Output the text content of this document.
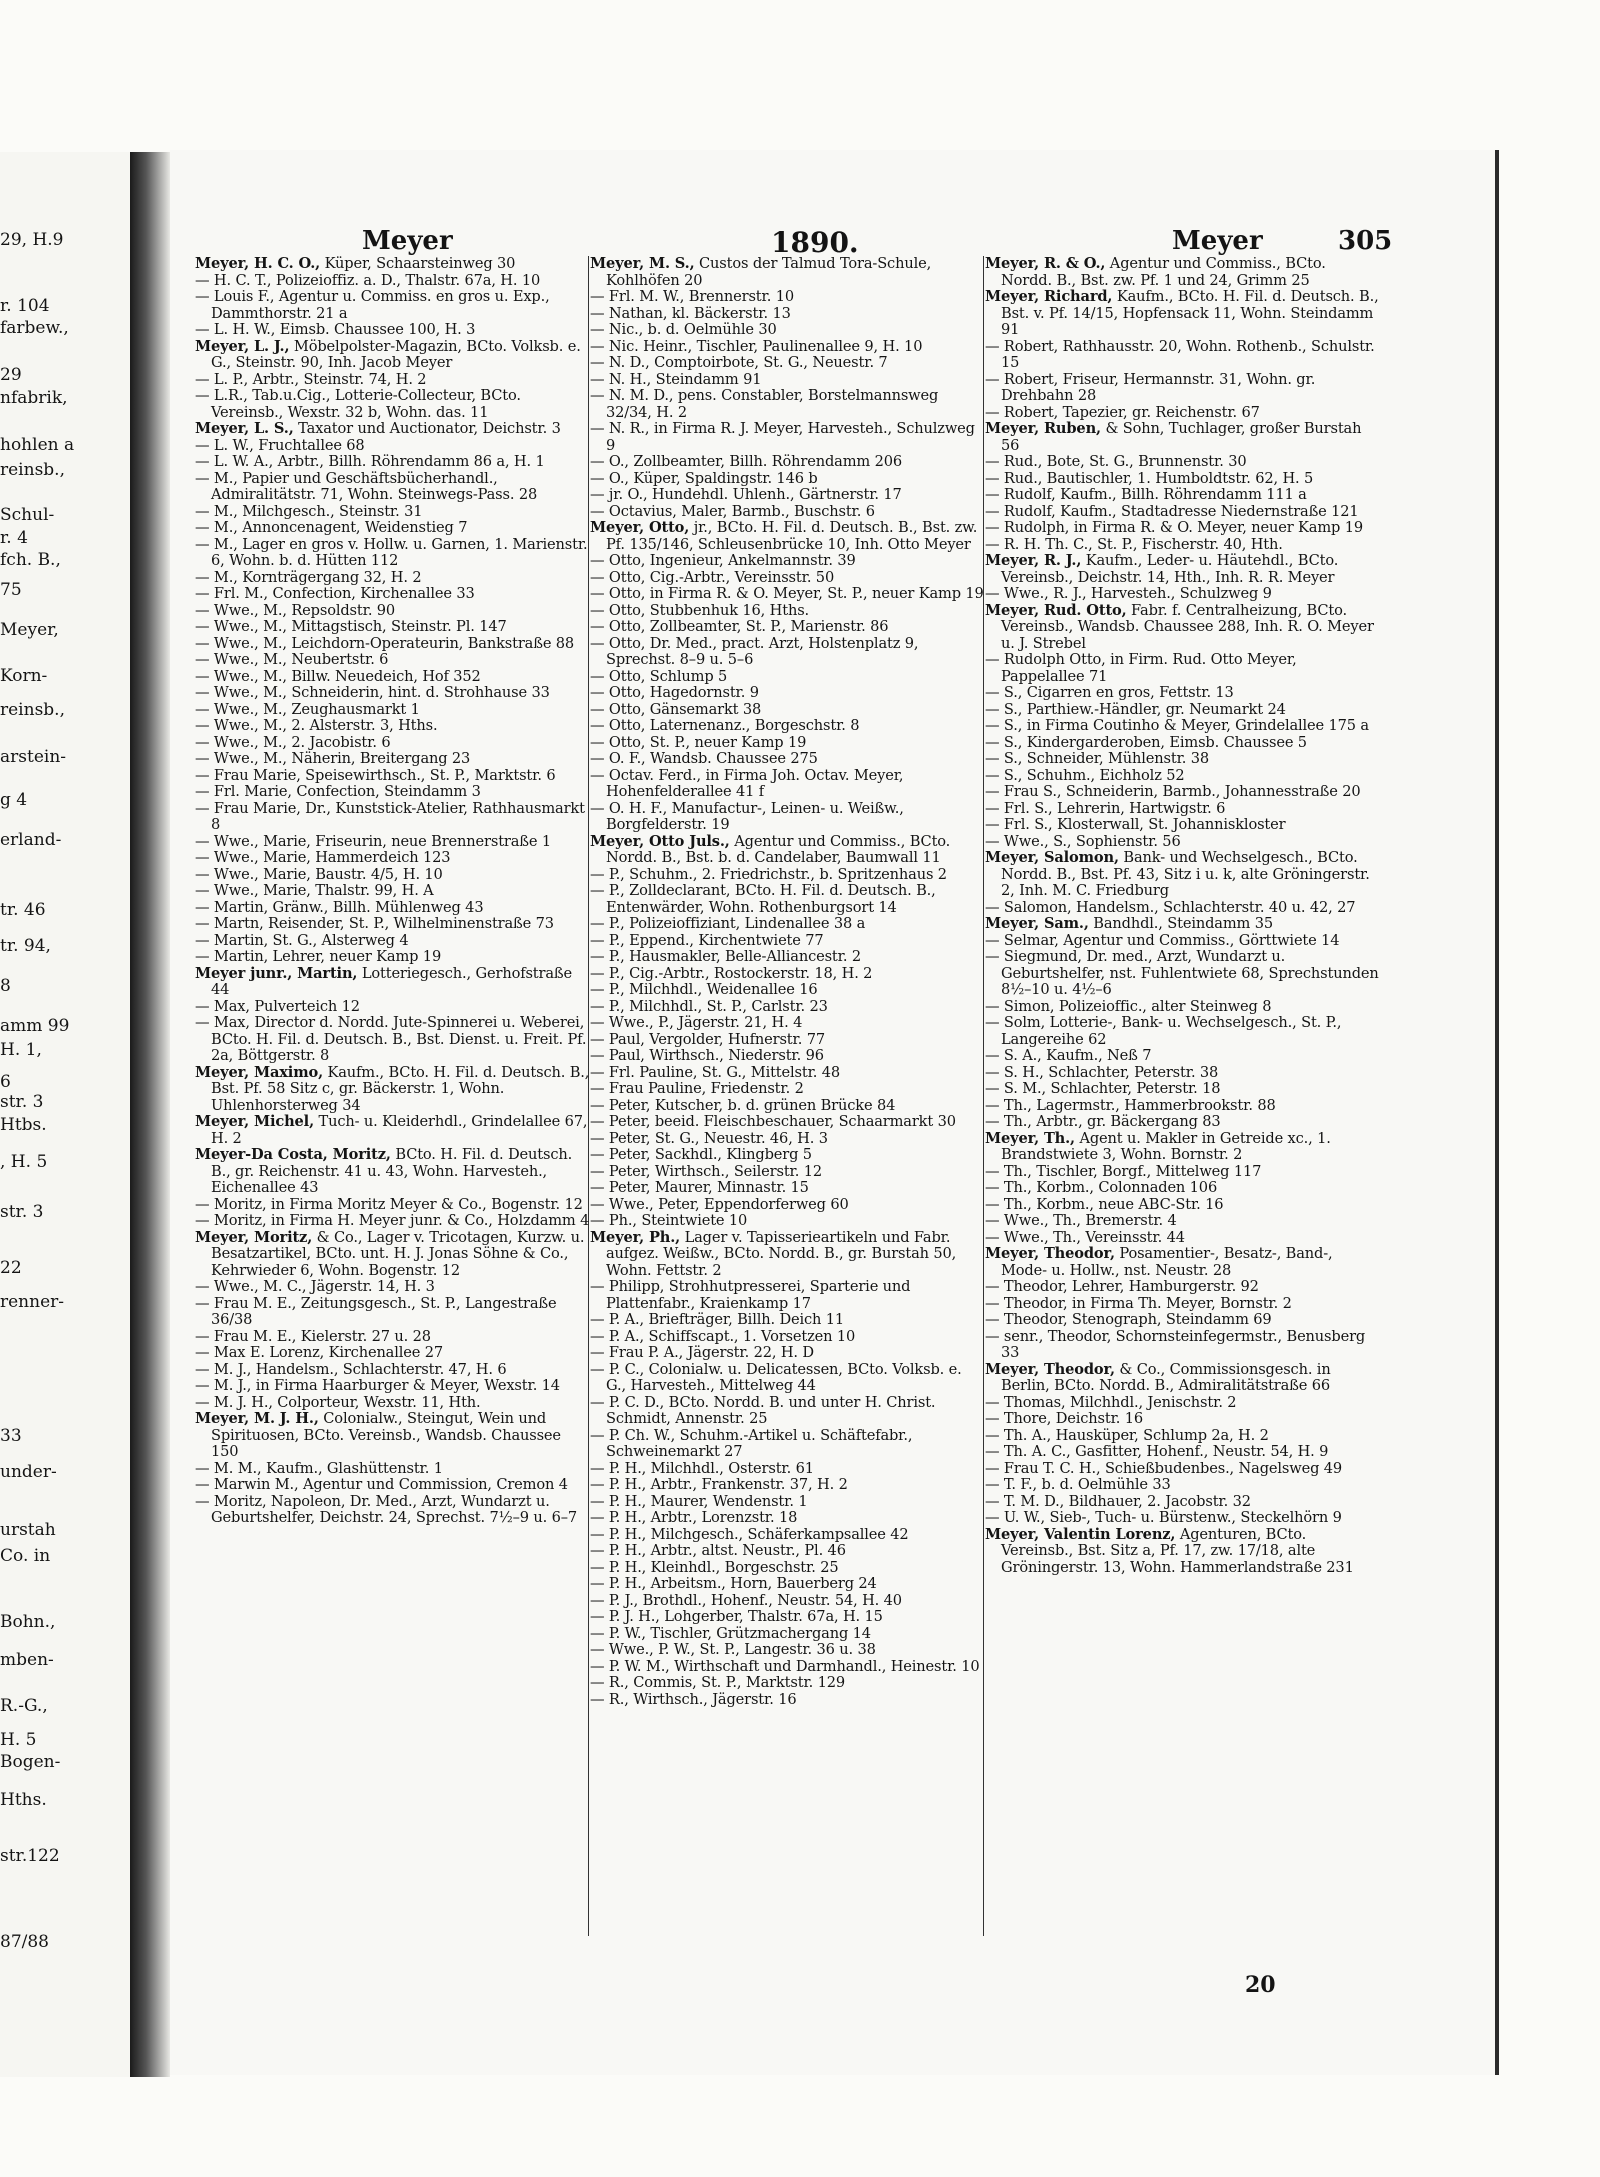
29, H.9
r. 104
farbew.,
29
nfabrik,
hohlen a
reinsb.,
Schul-
r. 4
fch. B.,
75
Meyer,
Korn-
reinsb.,
arstein-
g 4
erland-
tr. 46
tr. 94,
8
amm 99
H. 1,
6
str. 3
Htbs.
, H. 5
str. 3
22
renner-
33
under-
urstah
Co. in
Bohn.,
mben-
R.-G.,
H. 5
Bogen-
Hths.
str.122
87/88
Meyer	1890.	Meyer	305
Meyer, H. C. O., Küper, Schaarsteinweg 30
— H. C. T., Polizeioffiz. a. D., Thalstr. 67a, H. 10
— Louis F., Agentur u. Commiss. en gros u. Exp., Dammthorstr. 21 a
— L. H. W., Eimsb. Chaussee 100, H. 3
Meyer, L. J., Möbelpolster-Magazin, BCto. Volksb. e. G., Steinstr. 90, Inh. Jacob Meyer
— L. P., Arbtr., Steinstr. 74, H. 2
— L.R., Tab.u.Cig., Lotterie-Collecteur, BCto. Vereinsb., Wexstr. 32 b, Wohn. das. 11
Meyer, L. S., Taxator und Auctionator, Deichstr. 3
— L. W., Fruchtallee 68
— L. W. A., Arbtr., Billh. Röhrendamm 86 a, H. 1
— M., Papier und Geschäftsbücherhandl., Admiralitätstr. 71, Wohn. Steinwegs-Pass. 28
— M., Milchgesch., Steinstr. 31
— M., Annoncenagent, Weidenstieg 7
— M., Lager en gros v. Hollw. u. Garnen, 1. Marienstr. 6, Wohn. b. d. Hütten 112
— M., Kornträgergang 32, H. 2
— Frl. M., Confection, Kirchenallee 33
— Wwe., M., Repsoldstr. 90
— Wwe., M., Mittagstisch, Steinstr. Pl. 147
— Wwe., M., Leichdorn-Operateurin, Bankstraße 88
— Wwe., M., Neubertstr. 6
— Wwe., M., Billw. Neuedeich, Hof 352
— Wwe., M., Schneiderin, hint. d. Strohhause 33
— Wwe., M., Zeughausmarkt 1
— Wwe., M., 2. Alsterstr. 3, Hths.
— Wwe., M., 2. Jacobistr. 6
— Wwe., M., Näherin, Breitergang 23
— Frau Marie, Speisewirthsch., St. P., Marktstr. 6
— Frl. Marie, Confection, Steindamm 3
— Frau Marie, Dr., Kunststick-Atelier, Rathhausmarkt 8
— Wwe., Marie, Friseurin, neue Brennerstraße 1
— Wwe., Marie, Hammerdeich 123
— Wwe., Marie, Baustr. 4/5, H. 10
— Wwe., Marie, Thalstr. 99, H. A
— Martin, Gränw., Billh. Mühlenweg 43
— Martn, Reisender, St. P., Wilhelminenstraße 73
— Martin, St. G., Alsterweg 4
— Martin, Lehrer, neuer Kamp 19
Meyer junr., Martin, Lotteriegesch., Gerhofstraße 44
— Max, Pulvertеich 12
— Max, Director d. Nordd. Jute-Spinnerei u. Weberei, BCto. H. Fil. d. Deutsch. B., Bst. Dienst. u. Freit. Pf. 2a, Böttgerstr. 8
Meyer, Maximo, Kaufm., BCto. H. Fil. d. Deutsch. B., Bst. Pf. 58 Sitz c, gr. Bäckerstr. 1, Wohn. Uhlenhorsterweg 34
Meyer, Michel, Tuch- u. Kleiderhdl., Grindelallee 67, H. 2
Meyer-Da Costa, Moritz, BCto. H. Fil. d. Deutsch. B., gr. Reichenstr. 41 u. 43, Wohn. Harvesteh., Eichenallee 43
— Moritz, in Firma Moritz Meyer & Co., Bogenstr. 12
— Moritz, in Firma H. Meyer junr. & Co., Holzdamm 4
Meyer, Moritz, & Co., Lager v. Tricotagen, Kurzw. u. Besatzartikel, BCto. unt. H. J. Jonas Söhne & Co., Kehrwieder 6, Wohn. Bogenstr. 12
— Wwe., M. C., Jägerstr. 14, H. 3
— Frau M. E., Zeitungsgesch., St. P., Langestraße 36/38
— Frau M. E., Kielerstr. 27 u. 28
— Max E. Lorenz, Kirchenallee 27
— M. J., Handelsm., Schlachterstr. 47, H. 6
— M. J., in Firma Haarburger & Meyer, Wexstr. 14
— M. J. H., Colporteur, Wexstr. 11, Hth.
Meyer, M. J. H., Colonialw., Steingut, Wein und Spirituosen, BCto. Vereinsb., Wandsb. Chaussee 150
— M. M., Kaufm., Glashüttenstr. 1
— Marwin M., Agentur und Commission, Cremon 4
— Moritz, Napoleon, Dr. Med., Arzt, Wundarzt u. Geburtshelfer, Deichstr. 24, Sprechst. 7½–9 u. 6–7
Meyer, M. S., Custos der Talmud Tora-Schule, Kohlhöfen 20
— Frl. M. W., Brennerstr. 10
— Nathan, kl. Bäckerstr. 13
— Nic., b. d. Oelmühle 30
— Nic. Heinr., Tischler, Paulinenallee 9, H. 10
— N. D., Comptoirbote, St. G., Neuestr. 7
— N. H., Steindamm 91
— N. M. D., pens. Constabler, Borstelmannsweg 32/34, H. 2
— N. R., in Firma R. J. Meyer, Harvesteh., Schulzweg 9
— O., Zollbeamter, Billh. Röhrendamm 206
— O., Küper, Spaldingstr. 146 b
— jr. O., Hundehdl. Uhlenh., Gärtnerstr. 17
— Octavius, Maler, Barmb., Buschstr. 6
Meyer, Otto, jr., BCto. H. Fil. d. Deutsch. B., Bst. zw. Pf. 135/146, Schleusenbrücke 10, Inh. Otto Meyer
— Otto, Ingenieur, Ankelmannstr. 39
— Otto, Cig.-Arbtr., Vereinsstr. 50
— Otto, in Firma R. & O. Meyer, St. P., neuer Kamp 19
— Otto, Stubbenhuk 16, Hths.
— Otto, Zollbeamter, St. P., Marienstr. 86
— Otto, Dr. Med., pract. Arzt, Holstenplatz 9, Sprechst. 8–9 u. 5–6
— Otto, Schlump 5
— Otto, Hagedornstr. 9
— Otto, Gänsemarkt 38
— Otto, Laternenanz., Borgeschstr. 8
— Otto, St. P., neuer Kamp 19
— O. F., Wandsb. Chaussee 275
— Octav. Ferd., in Firma Joh. Octav. Meyer, Hohenfelderallee 41 f
— O. H. F., Manufactur-, Leinen- u. Weißw., Borgfelderstr. 19
Meyer, Otto Juls., Agentur und Commiss., BCto. Nordd. B., Bst. b. d. Candelaber, Baumwall 11
— P., Schuhm., 2. Friedrichstr., b. Spritzenhaus 2
— P., Zolldeclarant, BCto. H. Fil. d. Deutsch. B., Entenwärder, Wohn. Rothenburgsort 14
— P., Polizeioffiziant, Lindenallee 38 a
— P., Eppend., Kirchentwiete 77
— P., Hausmakler, Belle-Alliancestr. 2
— P., Cig.-Arbtr., Rostockerstr. 18, H. 2
— P., Milchhdl., Weidenallee 16
— P., Milchhdl., St. P., Carlstr. 23
— Wwe., P., Jägerstr. 21, H. 4
— Paul, Vergolder, Hufnerstr. 77
— Paul, Wirthsch., Niederstr. 96
— Frl. Pauline, St. G., Mittelstr. 48
— Frau Pauline, Friedenstr. 2
— Peter, Kutscher, b. d. grünen Brücke 84
— Peter, beeid. Fleischbeschauer, Schaarmarkt 30
— Peter, St. G., Neuestr. 46, H. 3
— Peter, Sackhdl., Klingberg 5
— Peter, Wirthsch., Seilerstr. 12
— Peter, Maurer, Minnastr. 15
— Wwe., Peter, Eppendorferweg 60
— Ph., Steintwiete 10
Meyer, Ph., Lager v. Tapisserieartikeln und Fabr. aufgez. Weißw., BCto. Nordd. B., gr. Burstah 50, Wohn. Fettstr. 2
— Philipp, Strohhutpresserei, Sparterie und Plattenfabr., Kraienkamp 17
— P. A., Briefträger, Billh. Deich 11
— P. A., Schiffscapt., 1. Vorsetzen 10
— Frau P. A., Jägerstr. 22, H. D
— P. C., Colonialw. u. Delicatessen, BCto. Volksb. e. G., Harvesteh., Mittelweg 44
— P. C. D., BCto. Nordd. B. und unter H. Christ. Schmidt, Annenstr. 25
— P. Ch. W., Schuhm.-Artikel u. Schäftefabr., Schweinemarkt 27
— P. H., Milchhdl., Osterstr. 61
— P. H., Arbtr., Frankenstr. 37, H. 2
— P. H., Maurer, Wendenstr. 1
— P. H., Arbtr., Lorenzstr. 18
— P. H., Milchgesch., Schäferkampsallee 42
— P. H., Arbtr., altst. Neustr., Pl. 46
— P. H., Kleinhdl., Borgeschstr. 25
— P. H., Arbeitsm., Horn, Bauerberg 24
— P. J., Brothdl., Hohenf., Neustr. 54, H. 40
— P. J. H., Lohgerber, Thalstr. 67a, H. 15
— P. W., Tischler, Grützmachergang 14
— Wwe., P. W., St. P., Langestr. 36 u. 38
— P. W. M., Wirthschaft und Darmhandl., Heinestr. 10
— R., Commis, St. P., Marktstr. 129
— R., Wirthsch., Jägerstr. 16
Meyer, R. & O., Agentur und Commiss., BCto. Nordd. B., Bst. zw. Pf. 1 und 24, Grimm 25
Meyer, Richard, Kaufm., BCto. H. Fil. d. Deutsch. B., Bst. v. Pf. 14/15, Hopfensack 11, Wohn. Steindamm 91
— Robert, Rathhausstr. 20, Wohn. Rothenb., Schulstr. 15
— Robert, Friseur, Hermannstr. 31, Wohn. gr. Drehbahn 28
— Robert, Tapezier, gr. Reichenstr. 67
Meyer, Ruben, & Sohn, Tuchlager, großer Burstah 56
— Rud., Bote, St. G., Brunnenstr. 30
— Rud., Bautischler, 1. Humboldtstr. 62, H. 5
— Rudolf, Kaufm., Billh. Röhrendamm 111 a
— Rudolf, Kaufm., Stadtadresse Niedernstraße 121
— Rudolph, in Firma R. & O. Meyer, neuer Kamp 19
— R. H. Th. C., St. P., Fischerstr. 40, Hth.
Meyer, R. J., Kaufm., Leder- u. Häutehdl., BCto. Vereinsb., Deichstr. 14, Hth., Inh. R. R. Meyer
— Wwe., R. J., Harvesteh., Schulzweg 9
Meyer, Rud. Otto, Fabr. f. Centralheizung, BCto. Vereinsb., Wandsb. Chaussee 288, Inh. R. O. Meyer u. J. Strebel
— Rudolph Otto, in Firm. Rud. Otto Meyer, Pappelallee 71
— S., Cigarren en gros, Fettstr. 13
— S., Parthiew.-Händler, gr. Neumarkt 24
— S., in Firma Coutinho & Meyer, Grindelallee 175 a
— S., Kindergarderoben, Eimsb. Chaussee 5
— S., Schneider, Mühlenstr. 38
— S., Schuhm., Eichholz 52
— Frau S., Schneiderin, Barmb., Johannesstraße 20
— Frl. S., Lehrerin, Hartwigstr. 6
— Frl. S., Klosterwall, St. Johanniskloster
— Wwe., S., Sophienstr. 56
Meyer, Salomon, Bank- und Wechselgesch., BCto. Nordd. B., Bst. Pf. 43, Sitz i u. k, alte Gröningerstr. 2, Inh. M. C. Friedburg
— Salomon, Handelsm., Schlachterstr. 40 u. 42, 27
Meyer, Sam., Bandhdl., Steindamm 35
— Selmar, Agentur und Commiss., Görttwiete 14
— Siegmund, Dr. med., Arzt, Wundarzt u. Geburtshelfer, nst. Fuhlentwiete 68, Sprechstunden 8½–10 u. 4½–6
— Simon, Polizeioffic., alter Steinweg 8
— Solm, Lotterie-, Bank- u. Wechselgesch., St. P., Langereihe 62
— S. A., Kaufm., Neß 7
— S. H., Schlachter, Peterstr. 38
— S. M., Schlachter, Peterstr. 18
— Th., Lagermstr., Hammerbrookstr. 88
— Th., Arbtr., gr. Bäckergang 83
Meyer, Th., Agent u. Makler in Getreide xc., 1. Brandstwiete 3, Wohn. Bornstr. 2
— Th., Tischler, Borgf., Mittelweg 117
— Th., Korbm., Colonnaden 106
— Th., Korbm., neue ABC-Str. 16
— Wwe., Th., Bremerstr. 4
— Wwe., Th., Vereinsstr. 44
Meyer, Theodor, Posamentier-, Besatz-, Band-, Mode- u. Hollw., nst. Neustr. 28
— Theodor, Lehrer, Hamburgerstr. 92
— Theodor, in Firma Th. Meyer, Bornstr. 2
— Theodor, Stenograph, Steindamm 69
— senr., Theodor, Schornsteinfegermstr., Benusberg 33
Meyer, Theodor, & Co., Commissionsgesch. in Berlin, BCto. Nordd. B., Admiralitätstraße 66
— Thomas, Milchhdl., Jenischstr. 2
— Thore, Deichstr. 16
— Th. A., Hausküper, Schlump 2a, H. 2
— Th. A. C., Gasfitter, Hohenf., Neustr. 54, H. 9
— Frau T. C. H., Schießbudenbes., Nagelsweg 49
— T. F., b. d. Oelmühle 33
— T. M. D., Bildhauer, 2. Jacobstr. 32
— U. W., Sieb-, Tuch- u. Bürstenw., Steckelhörn 9
Meyer, Valentin Lorenz, Agenturen, BCto. Vereinsb., Bst. Sitz a, Pf. 17, zw. 17/18, alte Gröningerstr. 13, Wohn. Hammerlandstraße 231
20
